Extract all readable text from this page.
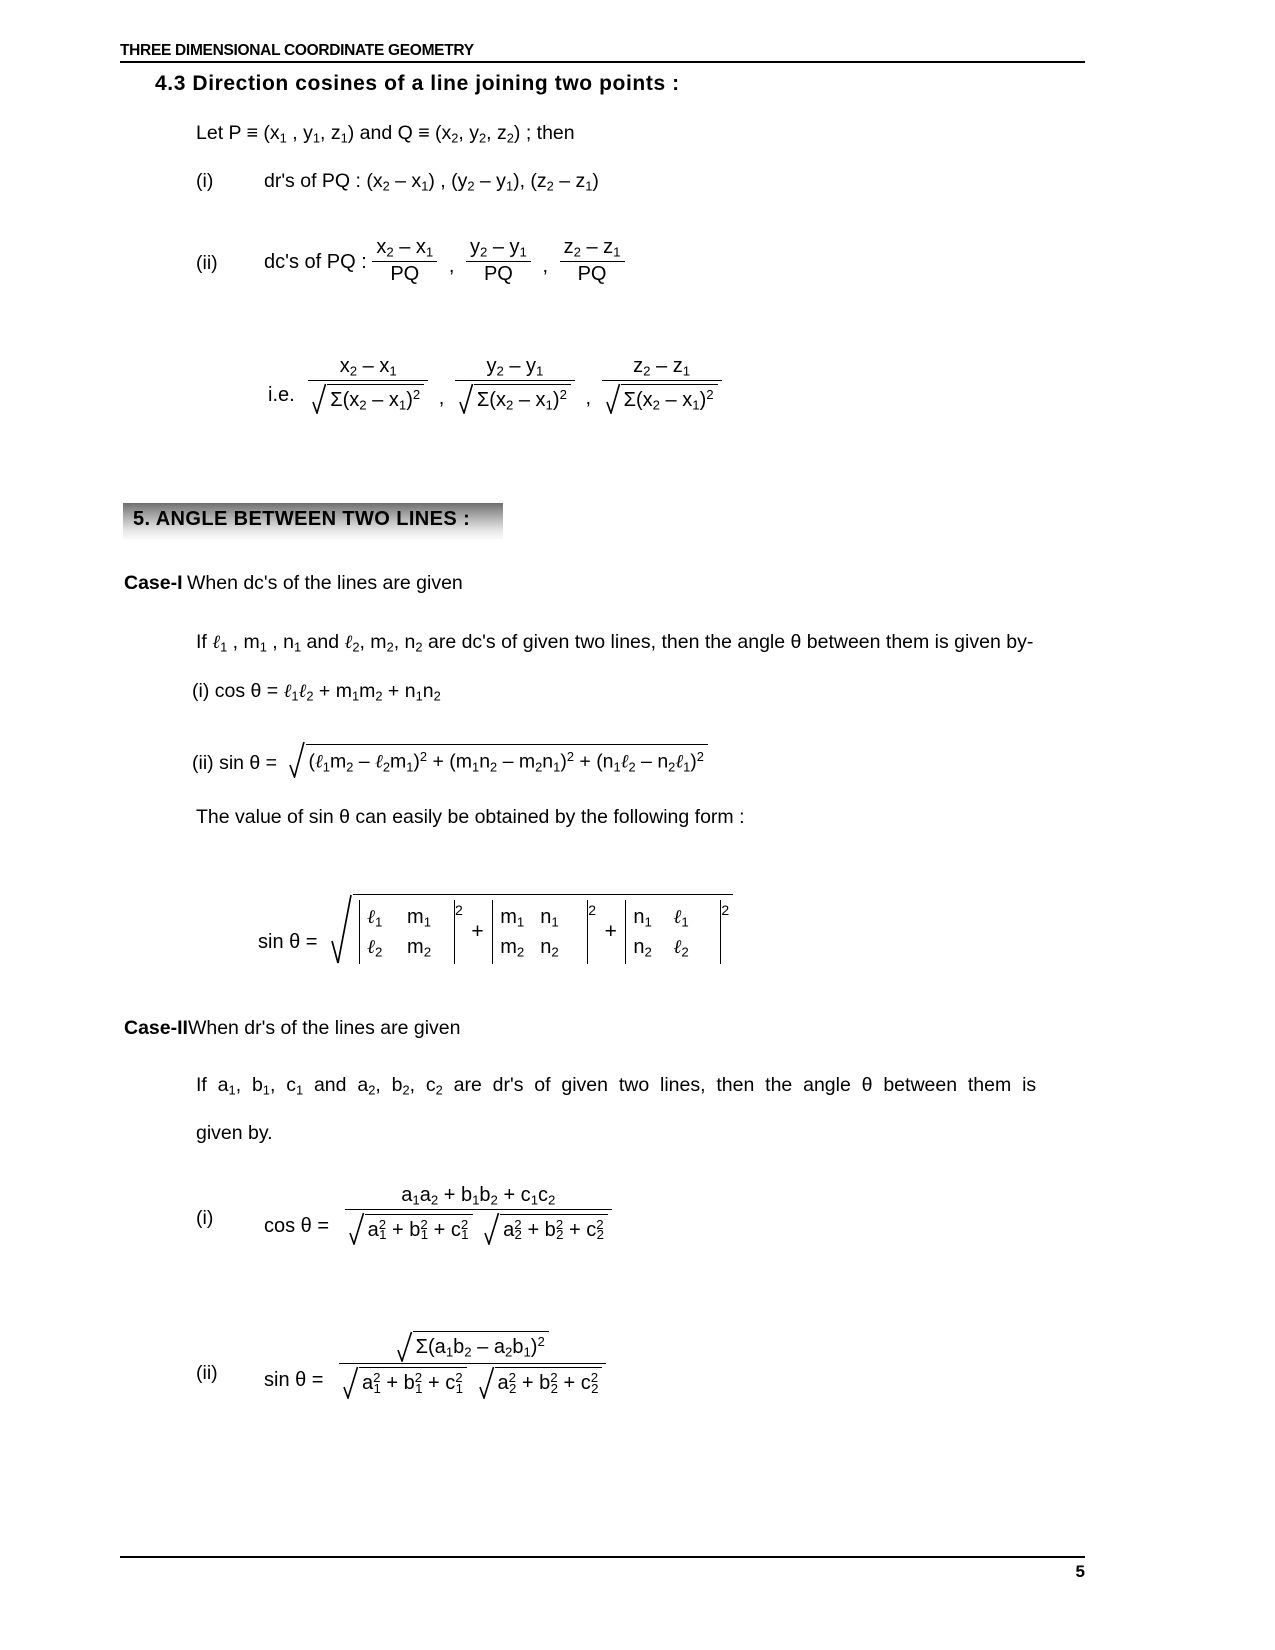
THREE DIMENSIONAL COORDINATE GEOMETRY
4.3 Direction cosines of a line joining two points :
Let $P \equiv (x_1$ , $y_1$, $z_1$) and $Q \equiv (x_2$, $y_2$, $z_2$) ; then
(i)	dr's of PQ : $(x_2 - x_1)$ , $(y_2 - y_1)$, $(z_2 - z_1)$
(ii) dc's of PQ : $\frac{x_2 - x_1}{PQ}$ , $\frac{y_2 - y_1}{PQ}$ , $\frac{z_2 - z_1}{PQ}$
i.e. $\frac{x_2 - x_1}{\Sigma(x_2 - x_1)^2}$ , $\frac{y_2 - y_1}{\Sigma(x_2 - x_1)^2}$ , $\frac{z_2 - z_1}{\Sigma(x_2 - x_1)^2}$
5. ANGLE BETWEEN TWO LINES :
Case-I When dc's of the lines are given
If ℓ$_1$ , $m_1$ , $n_1$ and ℓ$_2$, $m_2$, $n_2$ are dc's of given two lines, then the angle θ between them is given by-
(i) cos θ = ℓ$_1$ℓ$_2$ + $m_1m_2 + n_1n_2$
(ii) $\sin \theta = (\ell_1m_2$ – $\ell_2m_1)^2 + (m_1n_2 - m_2n_1)^2$ + ($n_1\ell_2$ – $n_2\ell_1)^2$
The value of sin θ can easily be obtained by the following form :
sin θ =
ℓ$_1$ $m_1$
ℓ$_2$ $m_2$
2 +
$m_1$ $n_1$
$m_2$ $n_2$
2 +
$n_1$ ℓ$_1$
$n_2$ ℓ$_2$
2
Case-IIWhen dr's of the lines are given
If  $a_1$,  $b_1$,  $c_1$  and  $a_2$,  $b_2$,  $c_2$  are  dr's  of  given  two  lines,  then  the  angle  θ  between  them  is
given by.
(i)	cos θ =
$a_1a_2 + b_1b_2 + c_1c_2$
$a^2_1 + b^2_1 + c^2_1$ $a^2_2 + b^2_2 + c^2_2$
(ii) sin θ =
$\Sigma(a_1b_2 - a_2b_1)^2$
$a^2_1 + b^2_1 + c^2_1$ $a^2_2 + b^2_2 + c^2_2$
5
